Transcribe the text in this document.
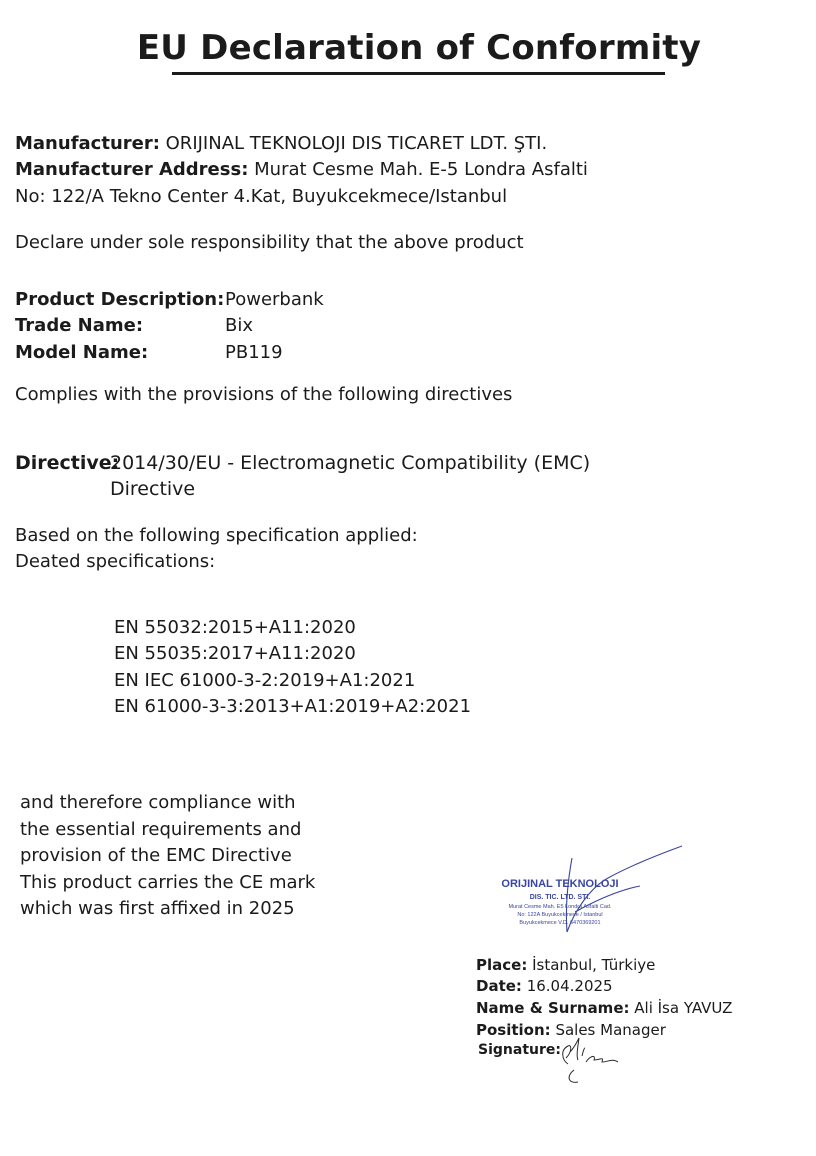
EU Declaration of Conformity
Manufacturer: ORIJINAL TEKNOLOJI DIS TICARET LDT. ŞTI.
Manufacturer Address: Murat Cesme Mah. E-5 Londra Asfalti
No: 122/A Tekno Center 4.Kat, Buyukcekmece/Istanbul
Declare under sole responsibility that the above product
Product Description:Powerbank
Trade Name:	Bix
Model Name:	PB119
Complies with the provisions of the following directives
Directive:
2014/30/EU - Electromagnetic Compatibility (EMC)
Directive
Based on the following specification applied:
Deated specifications:
EN 55032:2015+A11:2020
EN 55035:2017+A11:2020
EN IEC 61000-3-2:2019+A1:2021
EN 61000-3-3:2013+A1:2019+A2:2021
and therefore compliance with
the essential requirements and
provision of the EMC Directive
This product carries the CE mark
which was first affixed in 2025
ORIJINAL TEKNOLOJI
DIS. TIC. LTD. STI.
Murat Cesme Mah. E5 Londra Asfalti Cad.
No: 122A Buyukcekmece / Istanbul
Buyukcekmece V.D. 6470369201
Place: İstanbul, Türkiye
Date: 16.04.2025
Name & Surname: Ali İsa YAVUZ
Position: Sales Manager
Signature:
